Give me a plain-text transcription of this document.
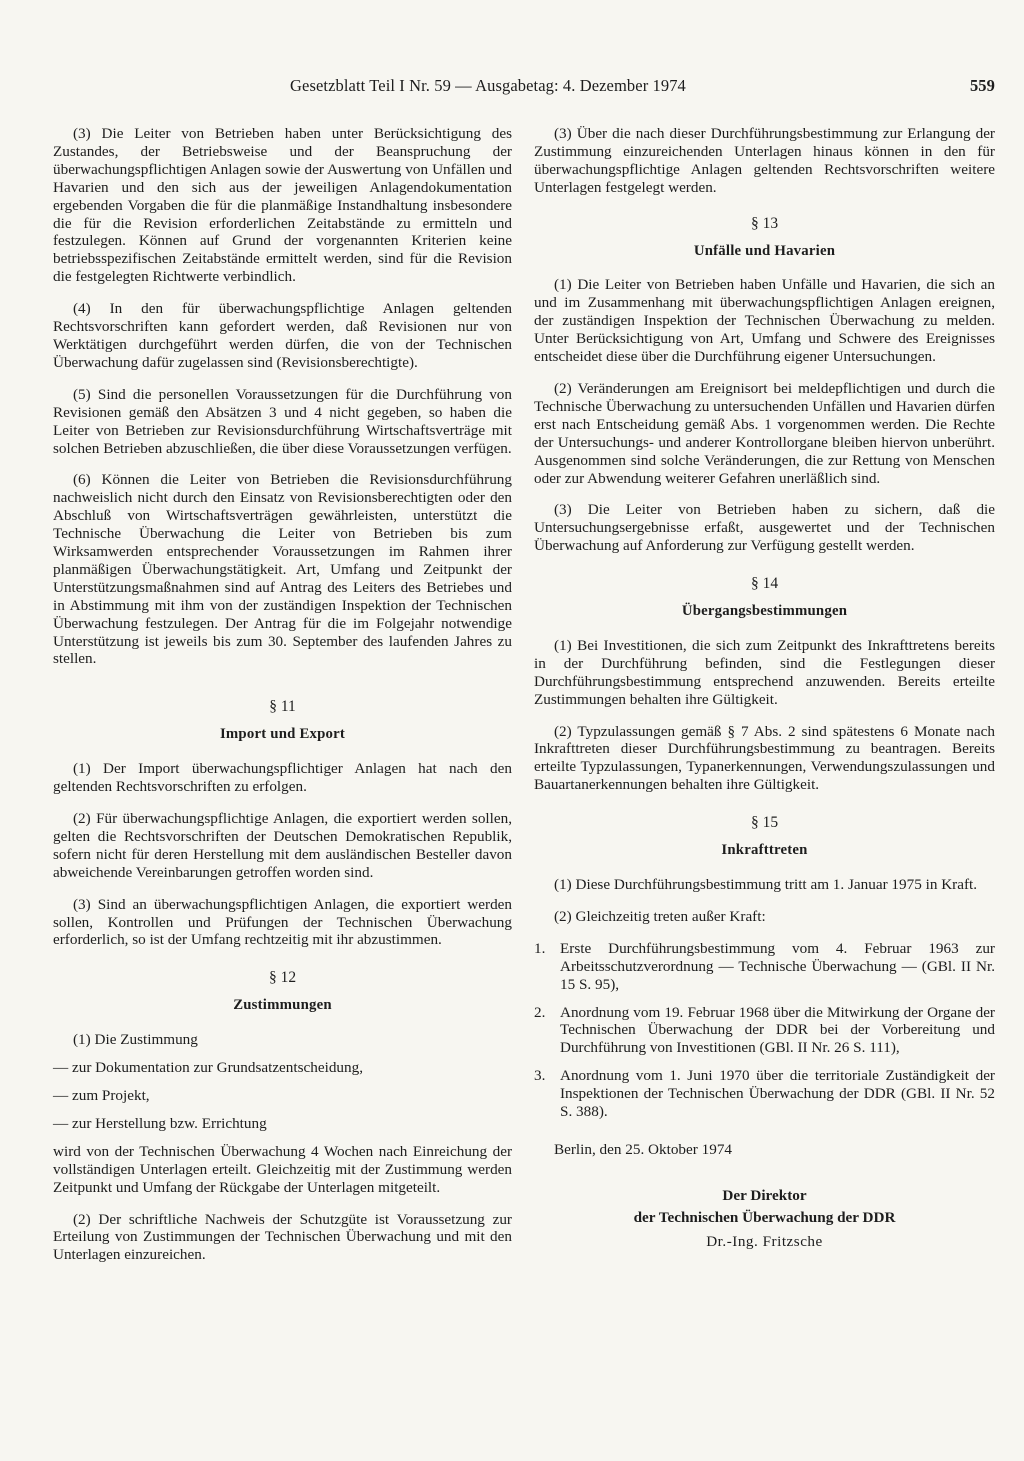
Gesetzblatt Teil I Nr. 59 — Ausgabetag: 4. Dezember 1974	559

(3) Die Leiter von Betrieben haben unter Berücksichtigung des Zustandes, der Betriebsweise und der Beanspruchung der überwachungspflichtigen Anlagen sowie der Auswertung von Unfällen und Havarien und den sich aus der jeweiligen Anlagendokumentation ergebenden Vorgaben die für die planmäßige Instandhaltung insbesondere die für die Revision erforderlichen Zeitabstände zu ermitteln und festzulegen. Können auf Grund der vorgenannten Kriterien keine betriebsspezifischen Zeitabstände ermittelt werden, sind für die Revision die festgelegten Richtwerte verbindlich.

(4) In den für überwachungspflichtige Anlagen geltenden Rechtsvorschriften kann gefordert werden, daß Revisionen nur von Werktätigen durchgeführt werden dürfen, die von der Technischen Überwachung dafür zugelassen sind (Revisionsberechtigte).

(5) Sind die personellen Voraussetzungen für die Durchführung von Revisionen gemäß den Absätzen 3 und 4 nicht gegeben, so haben die Leiter von Betrieben zur Revisionsdurchführung Wirtschaftsverträge mit solchen Betrieben abzuschließen, die über diese Voraussetzungen verfügen.

(6) Können die Leiter von Betrieben die Revisionsdurchführung nachweislich nicht durch den Einsatz von Revisionsberechtigten oder den Abschluß von Wirtschaftsverträgen gewährleisten, unterstützt die Technische Überwachung die Leiter von Betrieben bis zum Wirksamwerden entsprechender Voraussetzungen im Rahmen ihrer planmäßigen Überwachungstätigkeit. Art, Umfang und Zeitpunkt der Unterstützungsmaßnahmen sind auf Antrag des Leiters des Betriebes und in Abstimmung mit ihm von der zuständigen Inspektion der Technischen Überwachung festzulegen. Der Antrag für die im Folgejahr notwendige Unterstützung ist jeweils bis zum 30. September des laufenden Jahres zu stellen.

§ 11
Import und Export

(1) Der Import überwachungspflichtiger Anlagen hat nach den geltenden Rechtsvorschriften zu erfolgen.

(2) Für überwachungspflichtige Anlagen, die exportiert werden sollen, gelten die Rechtsvorschriften der Deutschen Demokratischen Republik, sofern nicht für deren Herstellung mit dem ausländischen Besteller davon abweichende Vereinbarungen getroffen worden sind.

(3) Sind an überwachungspflichtigen Anlagen, die exportiert werden sollen, Kontrollen und Prüfungen der Technischen Überwachung erforderlich, so ist der Umfang rechtzeitig mit ihr abzustimmen.

§ 12
Zustimmungen

(1) Die Zustimmung

— zur Dokumentation zur Grundsatzentscheidung,

— zum Projekt,

— zur Herstellung bzw. Errichtung

wird von der Technischen Überwachung 4 Wochen nach Einreichung der vollständigen Unterlagen erteilt. Gleichzeitig mit der Zustimmung werden Zeitpunkt und Umfang der Rückgabe der Unterlagen mitgeteilt.

(2) Der schriftliche Nachweis der Schutzgüte ist Voraussetzung zur Erteilung von Zustimmungen der Technischen Überwachung und mit den Unterlagen einzureichen.

(3) Über die nach dieser Durchführungsbestimmung zur Erlangung der Zustimmung einzureichenden Unterlagen hinaus können in den für überwachungspflichtige Anlagen geltenden Rechtsvorschriften weitere Unterlagen festgelegt werden.

§ 13
Unfälle und Havarien

(1) Die Leiter von Betrieben haben Unfälle und Havarien, die sich an und im Zusammenhang mit überwachungspflichtigen Anlagen ereignen, der zuständigen Inspektion der Technischen Überwachung zu melden. Unter Berücksichtigung von Art, Umfang und Schwere des Ereignisses entscheidet diese über die Durchführung eigener Untersuchungen.

(2) Veränderungen am Ereignisort bei meldepflichtigen und durch die Technische Überwachung zu untersuchenden Unfällen und Havarien dürfen erst nach Entscheidung gemäß Abs. 1 vorgenommen werden. Die Rechte der Untersuchungs- und anderer Kontrollorgane bleiben hiervon unberührt. Ausgenommen sind solche Veränderungen, die zur Rettung von Menschen oder zur Abwendung weiterer Gefahren unerläßlich sind.

(3) Die Leiter von Betrieben haben zu sichern, daß die Untersuchungsergebnisse erfaßt, ausgewertet und der Technischen Überwachung auf Anforderung zur Verfügung gestellt werden.

§ 14
Übergangsbestimmungen

(1) Bei Investitionen, die sich zum Zeitpunkt des Inkrafttretens bereits in der Durchführung befinden, sind die Festlegungen dieser Durchführungsbestimmung entsprechend anzuwenden. Bereits erteilte Zustimmungen behalten ihre Gültigkeit.

(2) Typzulassungen gemäß § 7 Abs. 2 sind spätestens 6 Monate nach Inkrafttreten dieser Durchführungsbestimmung zu beantragen. Bereits erteilte Typzulassungen, Typanerkennungen, Verwendungszulassungen und Bauartanerkennungen behalten ihre Gültigkeit.

§ 15
Inkrafttreten

(1) Diese Durchführungsbestimmung tritt am 1. Januar 1975 in Kraft.

(2) Gleichzeitig treten außer Kraft:

1. Erste Durchführungsbestimmung vom 4. Februar 1963 zur Arbeitsschutzverordnung — Technische Überwachung — (GBl. II Nr. 15 S. 95),
2. Anordnung vom 19. Februar 1968 über die Mitwirkung der Organe der Technischen Überwachung der DDR bei der Vorbereitung und Durchführung von Investitionen (GBl. II Nr. 26 S. 111),
3. Anordnung vom 1. Juni 1970 über die territoriale Zuständigkeit der Inspektionen der Technischen Überwachung der DDR (GBl. II Nr. 52 S. 388).

Berlin, den 25. Oktober 1974

Der Direktor
der Technischen Überwachung der DDR
Dr.-Ing. Fritzsche
